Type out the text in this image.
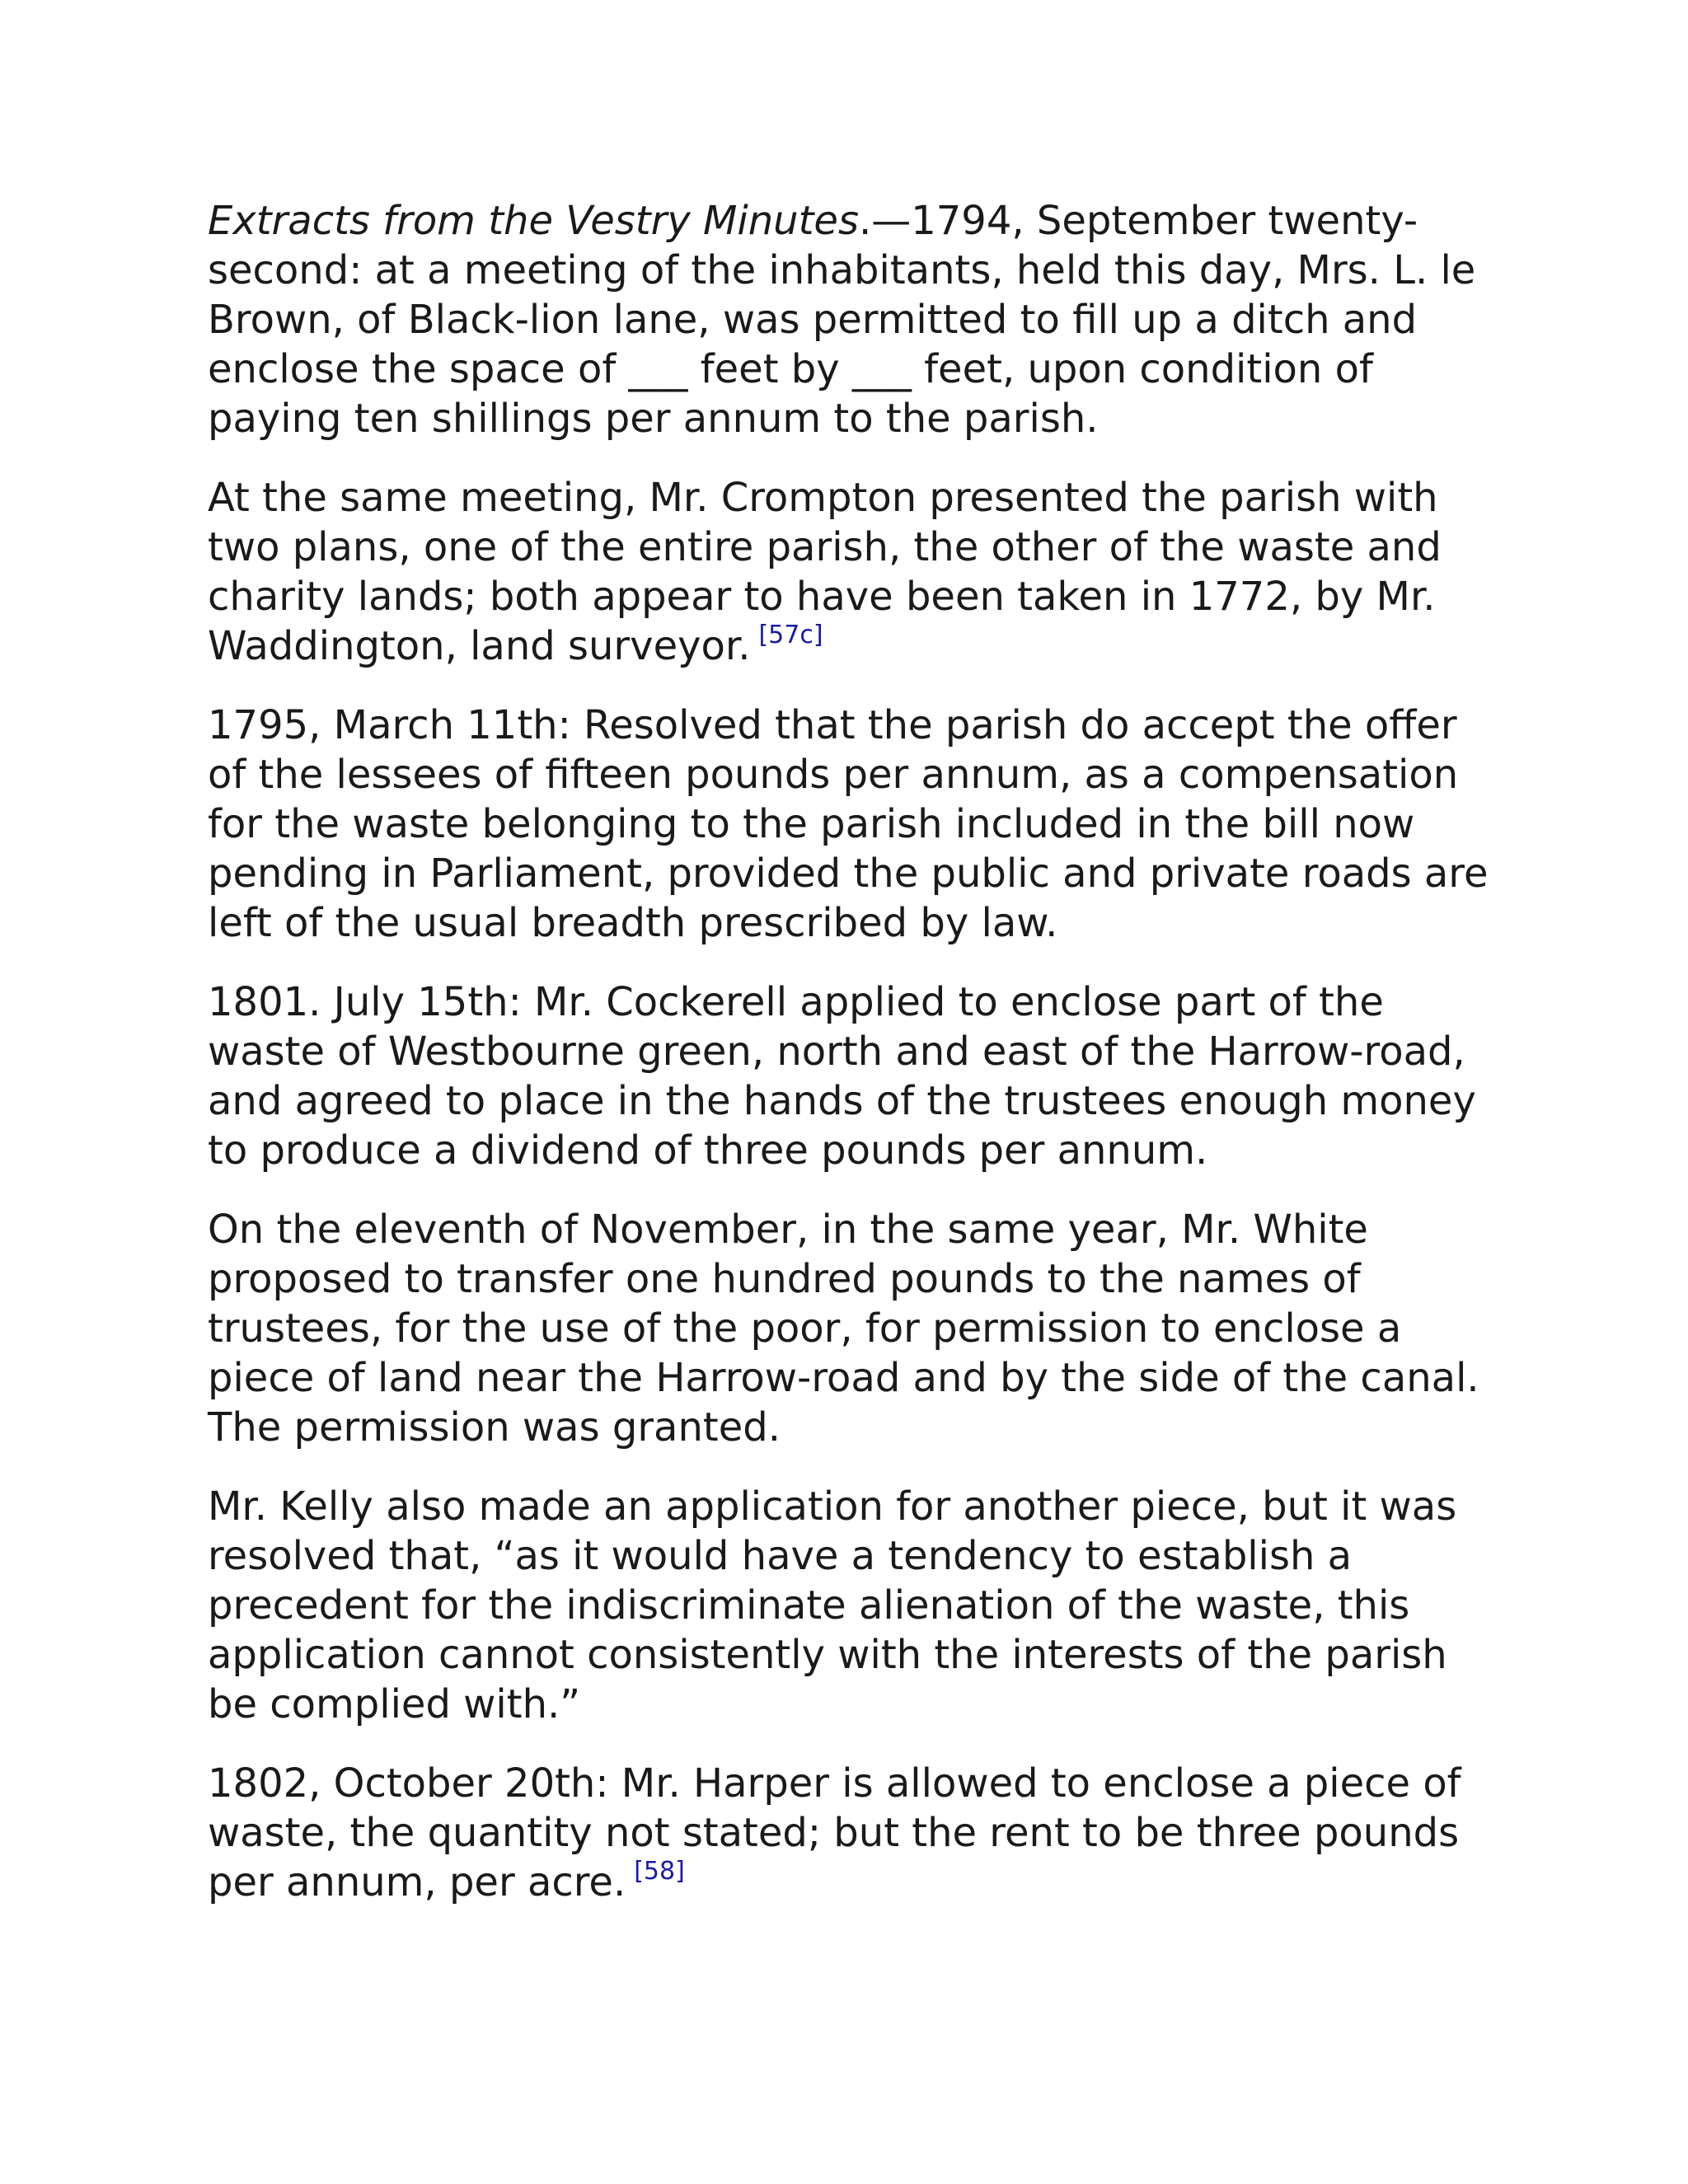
Extracts from the Vestry Minutes.—1794, September twenty-second: at a meeting of the inhabitants, held this day, Mrs. L. le Brown, of Black-lion lane, was permitted to fill up a ditch and enclose the space of ___ feet by ___ feet, upon condition of paying ten shillings per annum to the parish.

At the same meeting, Mr. Crompton presented the parish with two plans, one of the entire parish, the other of the waste and charity lands; both appear to have been taken in 1772, by Mr. Waddington, land surveyor. [57c]

1795, March 11th: Resolved that the parish do accept the offer of the lessees of fifteen pounds per annum, as a compensation for the waste belonging to the parish included in the bill now pending in Parliament, provided the public and private roads are left of the usual breadth prescribed by law.

1801. July 15th: Mr. Cockerell applied to enclose part of the waste of Westbourne green, north and east of the Harrow-road, and agreed to place in the hands of the trustees enough money to produce a dividend of three pounds per annum.

On the eleventh of November, in the same year, Mr. White proposed to transfer one hundred pounds to the names of trustees, for the use of the poor, for permission to enclose a piece of land near the Harrow-road and by the side of the canal. The permission was granted.

Mr. Kelly also made an application for another piece, but it was resolved that, “as it would have a tendency to establish a precedent for the indiscriminate alienation of the waste, this application cannot consistently with the interests of the parish be complied with.”

1802, October 20th: Mr. Harper is allowed to enclose a piece of waste, the quantity not stated; but the rent to be three pounds per annum, per acre. [58]
